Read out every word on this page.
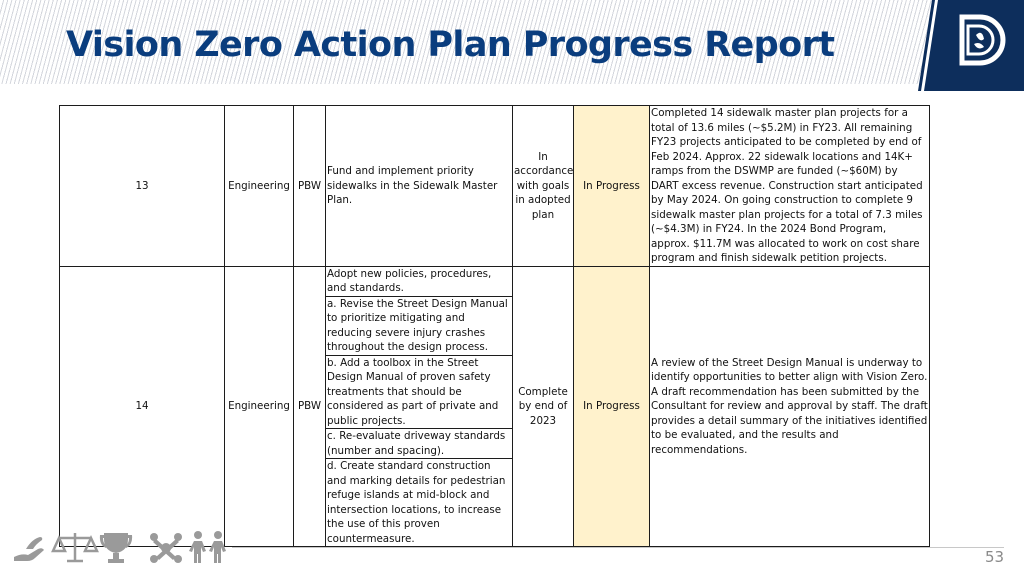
Vision Zero Action Plan Progress Report
13	Engineering	PBW	Fund and implement priority sidewalks in the Sidewalk Master Plan.	In accordance with goals in adopted plan	In Progress	Completed 14 sidewalk master plan projects for a total of 13.6 miles (~$5.2M) in FY23. All remaining FY23 projects anticipated to be completed by end of Feb 2024. Approx. 22 sidewalk locations and 14K+ ramps from the DSWMP are funded (~$60M) by DART excess revenue. Construction start anticipated by May 2024. On going construction to complete 9 sidewalk master plan projects for a total of 7.3 miles (~$4.3M) in FY24. In the 2024 Bond Program, approx. $11.7M was allocated to work on cost share program and finish sidewalk petition projects.
14	Engineering	PBW	Adopt new policies, procedures, and standards.	Complete by end of 2023	In Progress	A review of the Street Design Manual is underway to identify opportunities to better align with Vision Zero. A draft recommendation has been submitted by the Consultant for review and approval by staff. The draft provides a detail summary of the initiatives identified to be evaluated, and the results and recommendations.
			a. Revise the Street Design Manual to prioritize mitigating and reducing severe injury crashes throughout the design process.			
			b. Add a toolbox in the Street Design Manual of proven safety treatments that should be considered as part of private and public projects.			
			c. Re-evaluate driveway standards (number and spacing).			
			d. Create standard construction and marking details for pedestrian refuge islands at mid-block and intersection locations, to increase the use of this proven countermeasure.			
53
